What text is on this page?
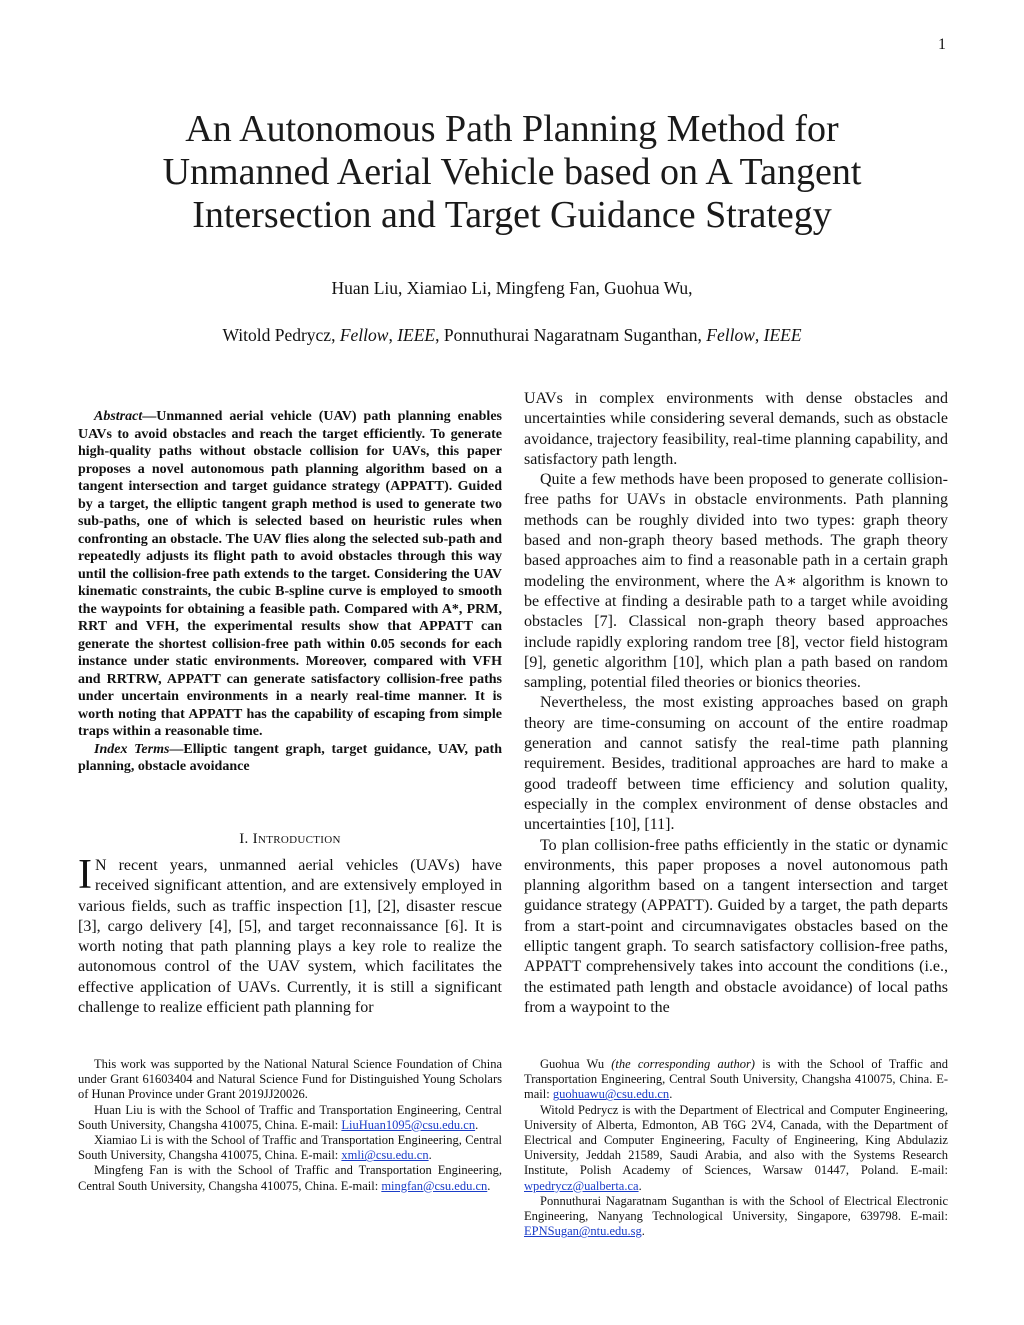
1
An Autonomous Path Planning Method for
Unmanned Aerial Vehicle based on A Tangent
Intersection and Target Guidance Strategy
Huan Liu, Xiamiao Li, Mingfeng Fan, Guohua Wu,
Witold Pedrycz, Fellow, IEEE, Ponnuthurai Nagaratnam Suganthan, Fellow, IEEE

Abstract—Unmanned aerial vehicle (UAV) path planning enables UAVs to avoid obstacles and reach the target efficiently. To generate high-quality paths without obstacle collision for UAVs, this paper proposes a novel autonomous path planning algorithm based on a tangent intersection and target guidance strategy (APPATT). Guided by a target, the elliptic tangent graph method is used to generate two sub-paths, one of which is selected based on heuristic rules when confronting an obstacle. The UAV flies along the selected sub-path and repeatedly adjusts its flight path to avoid obstacles through this way until the collision-free path extends to the target. Considering the UAV kinematic constraints, the cubic B-spline curve is employed to smooth the waypoints for obtaining a feasible path. Compared with A*, PRM, RRT and VFH, the experimental results show that APPATT can generate the shortest collision-free path within 0.05 seconds for each instance under static environments. Moreover, compared with VFH and RRTRW, APPATT can generate satisfactory collision-free paths under uncertain environments in a nearly real-time manner. It is worth noting that APPATT has the capability of escaping from simple traps within a reasonable time.

Index Terms—Elliptic tangent graph, target guidance, UAV, path planning, obstacle avoidance

I. Introduction

I N recent years, unmanned aerial vehicles (UAVs) have received significant attention, and are extensively employed in various fields, such as traffic inspection [1], [2], disaster rescue [3], cargo delivery [4], [5], and target reconnaissance [6]. It is worth noting that path planning plays a key role to realize the autonomous control of the UAV system, which facilitates the effective application of UAVs. Currently, it is still a significant challenge to realize efficient path planning for

UAVs in complex environments with dense obstacles and uncertainties while considering several demands, such as obstacle avoidance, trajectory feasibility, real-time planning capability, and satisfactory path length.

Quite a few methods have been proposed to generate collision-free paths for UAVs in obstacle environments. Path planning methods can be roughly divided into two types: graph theory based and non-graph theory based methods. The graph theory based approaches aim to find a reasonable path in a certain graph modeling the environment, where the A∗ algorithm is known to be effective at finding a desirable path to a target while avoiding obstacles [7]. Classical non-graph theory based approaches include rapidly exploring random tree [8], vector field histogram [9], genetic algorithm [10], which plan a path based on random sampling, potential filed theories or bionics theories.

Nevertheless, the most existing approaches based on graph theory are time-consuming on account of the entire roadmap generation and cannot satisfy the real-time path planning requirement. Besides, traditional approaches are hard to make a good tradeoff between time efficiency and solution quality, especially in the complex environment of dense obstacles and uncertainties [10], [11].

To plan collision-free paths efficiently in the static or dynamic environments, this paper proposes a novel autonomous path planning algorithm based on a tangent intersection and target guidance strategy (APPATT). Guided by a target, the path departs from a start-point and circumnavigates obstacles based on the elliptic tangent graph. To search satisfactory collision-free paths, APPATT comprehensively takes into account the conditions (i.e., the estimated path length and obstacle avoidance) of local paths from a waypoint to the

This work was supported by the National Natural Science Foundation of China under Grant 61603404 and Natural Science Fund for Distinguished Young Scholars of Hunan Province under Grant 2019JJ20026.

Huan Liu is with the School of Traffic and Transportation Engineering, Central South University, Changsha 410075, China. E-mail: LiuHuan1095@csu.edu.cn.

Xiamiao Li is with the School of Traffic and Transportation Engineering, Central South University, Changsha 410075, China. E-mail: xmli@csu.edu.cn.

Mingfeng Fan is with the School of Traffic and Transportation Engineering, Central South University, Changsha 410075, China. E-mail: mingfan@csu.edu.cn.

Guohua Wu (the corresponding author) is with the School of Traffic and Transportation Engineering, Central South University, Changsha 410075, China. E-mail: guohuawu@csu.edu.cn.

Witold Pedrycz is with the Department of Electrical and Computer Engineering, University of Alberta, Edmonton, AB T6G 2V4, Canada, with the Department of Electrical and Computer Engineering, Faculty of Engineering, King Abdulaziz University, Jeddah 21589, Saudi Arabia, and also with the Systems Research Institute, Polish Academy of Sciences, Warsaw 01447, Poland. E-mail: wpedrycz@ualberta.ca.

Ponnuthurai Nagaratnam Suganthan is with the School of Electrical Electronic Engineering, Nanyang Technological University, Singapore, 639798. E-mail: EPNSugan@ntu.edu.sg.
